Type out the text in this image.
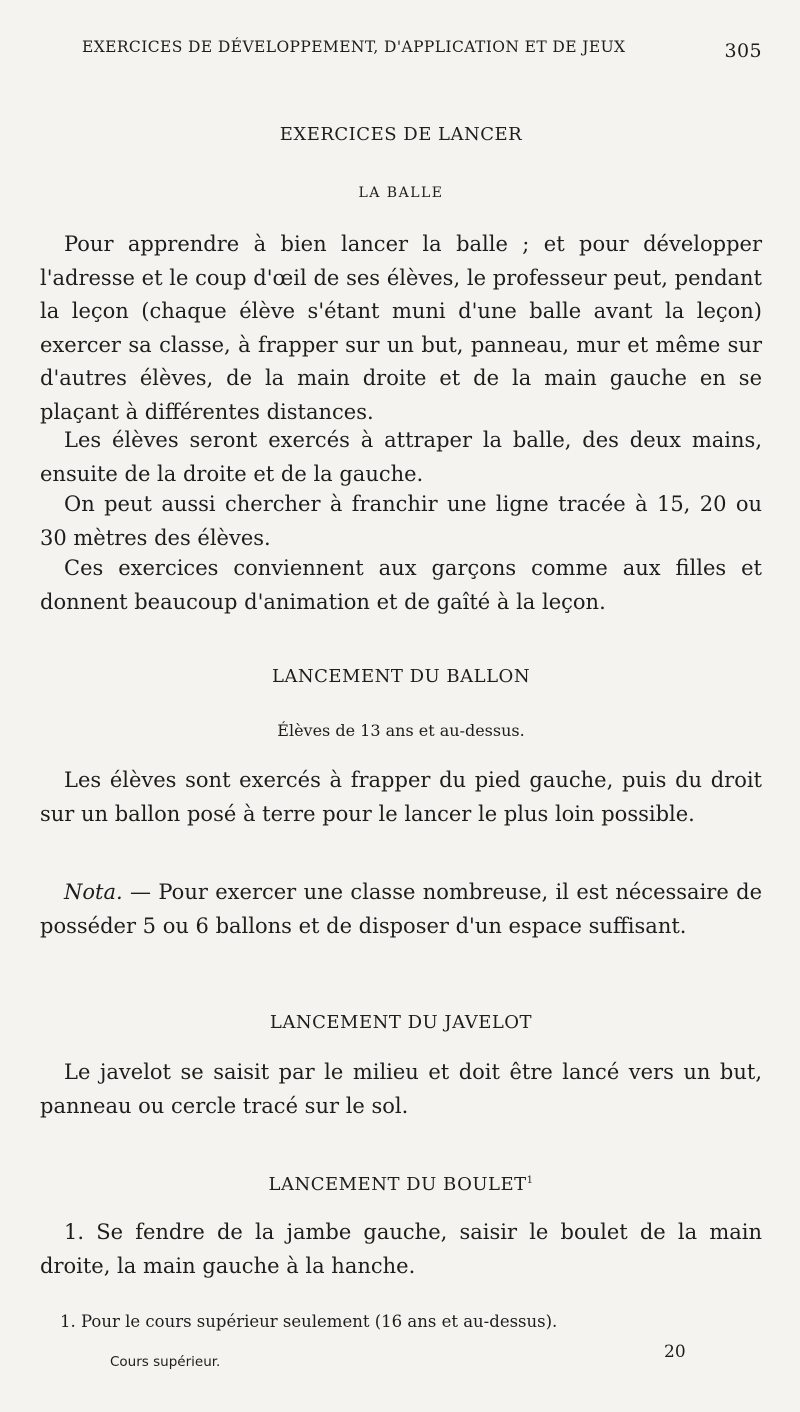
EXERCICES DE DÉVELOPPEMENT, D'APPLICATION ET DE JEUX	305
EXERCICES DE LANCER
LA BALLE

Pour apprendre à bien lancer la balle ; et pour développer l'adresse et le coup d'œil de ses élèves, le professeur peut, pendant la leçon (chaque élève s'étant muni d'une balle avant la leçon) exercer sa classe, à frapper sur un but, panneau, mur et même sur d'autres élèves, de la main droite et de la main gauche en se plaçant à différentes distances.

Les élèves seront exercés à attraper la balle, des deux mains, ensuite de la droite et de la gauche.

On peut aussi chercher à franchir une ligne tracée à 15, 20 ou 30 mètres des élèves.

Ces exercices conviennent aux garçons comme aux filles et donnent beaucoup d'animation et de gaîté à la leçon.

LANCEMENT DU BALLON
Élèves de 13 ans et au-dessus.

Les élèves sont exercés à frapper du pied gauche, puis du droit sur un ballon posé à terre pour le lancer le plus loin possible.

Nota. — Pour exercer une classe nombreuse, il est nécessaire de posséder 5 ou 6 ballons et de disposer d'un espace suffisant.

LANCEMENT DU JAVELOT

Le javelot se saisit par le milieu et doit être lancé vers un but, panneau ou cercle tracé sur le sol.

LANCEMENT DU BOULET$^1$

1. Se fendre de la jambe gauche, saisir le boulet de la main droite, la main gauche à la hanche.

1. Pour le cours supérieur seulement (16 ans et au-dessus).
20
Cours supérieur.
